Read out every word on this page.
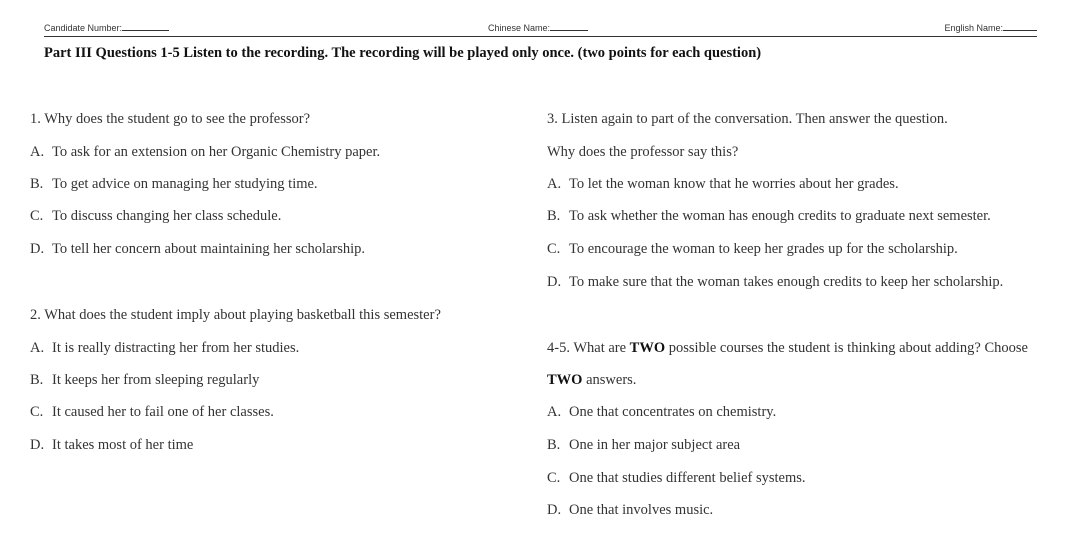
Candidate Number:	Chinese Name:	English Name:
Part III Questions 1-5 Listen to the recording. The recording will be played only once. (two points for each question)
1. Why does the student go to see the professor?
A. To ask for an extension on her Organic Chemistry paper.
B. To get advice on managing her studying time.
C. To discuss changing her class schedule.
D. To tell her concern about maintaining her scholarship.
2. What does the student imply about playing basketball this semester?
A. It is really distracting her from her studies.
B. It keeps her from sleeping regularly
C. It caused her to fail one of her classes.
D. It takes most of her time
3. Listen again to part of the conversation. Then answer the question.
Why does the professor say this?
A. To let the woman know that he worries about her grades.
B. To ask whether the woman has enough credits to graduate next semester.
C. To encourage the woman to keep her grades up for the scholarship.
D. To make sure that the woman takes enough credits to keep her scholarship.
4-5. What are TWO possible courses the student is thinking about adding? Choose
TWO answers.
A. One that concentrates on chemistry.
B. One in her major subject area
C. One that studies different belief systems.
D. One that involves music.
